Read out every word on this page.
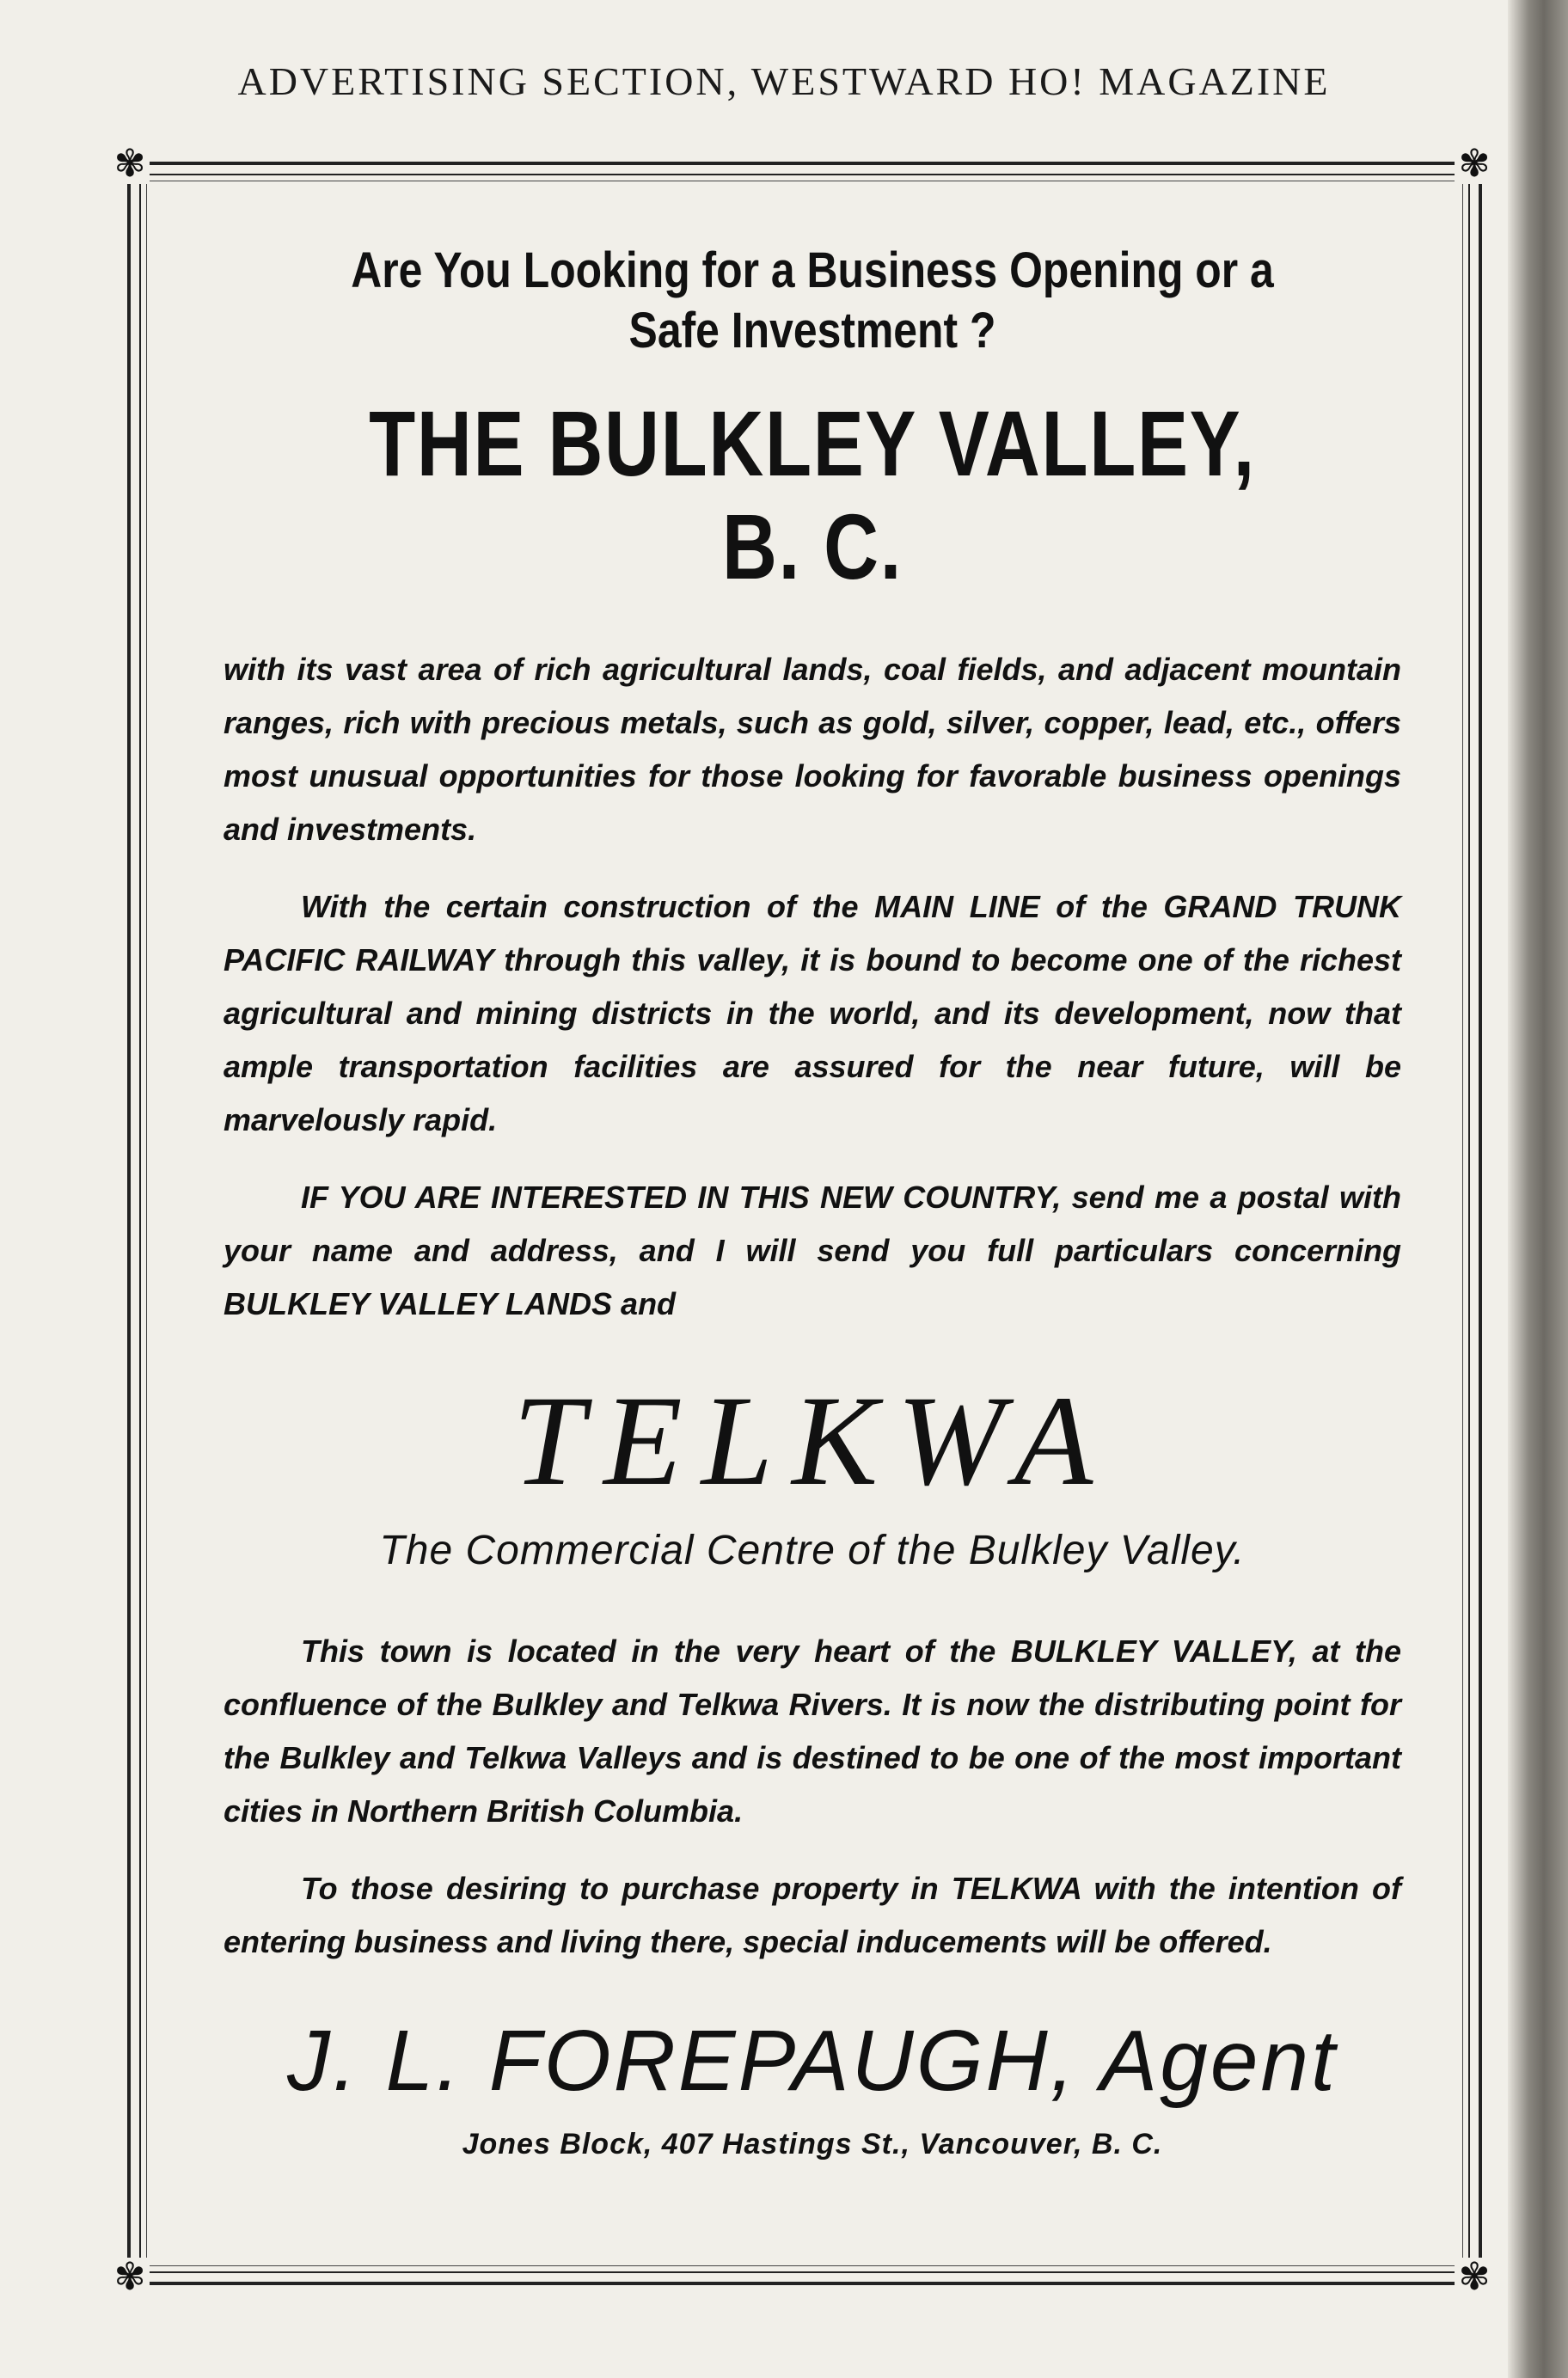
ADVERTISING SECTION, WESTWARD HO! MAGAZINE
✾	✾
✾	✾

Are You Looking for a Business Opening or a Safe Investment ?

THE BULKLEY VALLEY, B. C.

with its vast area of rich agricultural lands, coal fields, and adjacent mountain ranges, rich with precious metals, such as gold, silver, copper, lead, etc., offers most unusual opportunities for those looking for favorable business openings and investments.

With the certain construction of the MAIN LINE of the GRAND TRUNK PACIFIC RAILWAY through this valley, it is bound to become one of the richest agricultural and mining districts in the world, and its development, now that ample transportation facilities are assured for the near future, will be marvelously rapid.

IF YOU ARE INTERESTED IN THIS NEW COUNTRY, send me a postal with your name and address, and I will send you full particulars concerning BULKLEY VALLEY LANDS and

TELKWA
The Commercial Centre of the Bulkley Valley.

This town is located in the very heart of the BULKLEY VALLEY, at the confluence of the Bulkley and Telkwa Rivers. It is now the distributing point for the Bulkley and Telkwa Valleys and is destined to be one of the most important cities in Northern British Columbia.

To those desiring to purchase property in TELKWA with the intention of entering business and living there, special inducements will be offered.

J. L. FOREPAUGH, Agent

Jones Block, 407 Hastings St., Vancouver, B. C.
